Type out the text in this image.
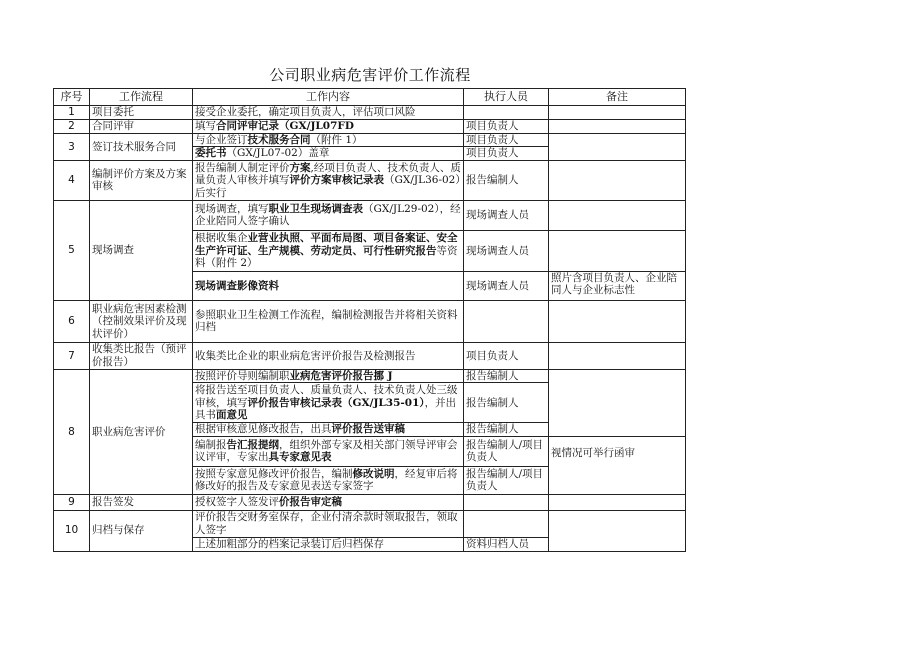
公司职业病危害评价工作流程
序号	工作流程	工作内容	执行人员	备注
1	项目委托	接受企业委托，确定项目负责人，评估项口风险		
2	合同评审	填写合同评审记录（GX/JL07FD	项目负责人	
3	签订技术服务合同	与企业签订技术服务合同（附件 1）	项目负责人	
		委托书（GX/JL07-02）盖章	项目负责人	
4	编制评价方案及方案审核	报告编制人制定评价方案,经项目负责人、技术负责人、质量负责人审核并填写评价方案审核记录表（GX/JL36-02）后实行	报告编制人	
5	现场调查	现场调查，填写职业卫生现场调查表（GX/JL29-02），经企业陪同人签字确认	现场调查人员	
		根据收集企业营业执照、平面布局图、项目备案证、安全生产许可证、生产规模、劳动定员、可行性研究报告等资料（附件 2）	现场调查人员	
		现场调查影像资料	现场调查人员	照片含项目负责人、企业陪同人与企业标志性
6	职业病危害因素检测（控制效果评价及现状评价）	参照职业卫生检测工作流程，编制检测报告并将相关资料归档		
7	收集类比报告（预评价报告）	收集类比企业的职业病危害评价报告及检测报告	项目负责人	
8	职业病危害评价	按照评价导则编制职业病危害评价报告挪 J	报告编制人	
		将报告送至项目负责人、质量负责人、技术负责人处三级审核，填写评价报告审核记录表（GX/JL35-01），并出具书面意见	报告编制人	
		根据审核意见修改报告，出具评价报告送审稿	报告编制人	
		编制报告汇报提纲，组织外部专家及相关部门领导评审会议评审，专家出具专家意见表	报告编制人/项目负责人	视情况可举行函审
		按照专家意见修改评价报告，编制修改说明，经复审后将修改好的报告及专家意见表送专家签字	报告编制人/项目负责人	
9	报告签发	授权签字人签发评价报告审定稿		
10	归档与保存	评价报告交财务室保存，企业付清余款时领取报告，领取人签字		
		上述加粗部分的档案记录装订后归档保存	资料归档人员	
